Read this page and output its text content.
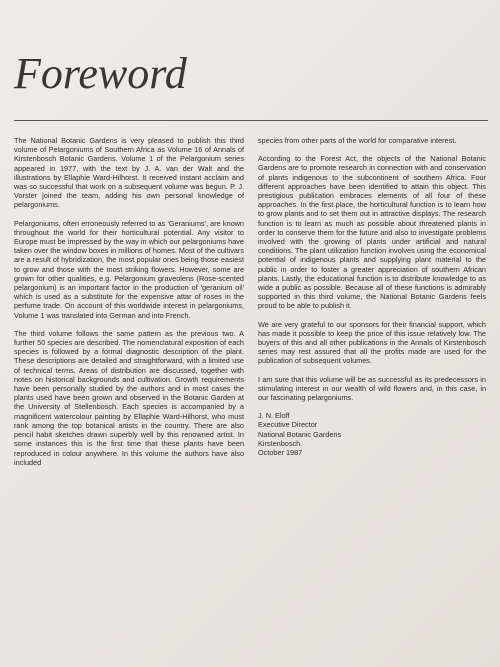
Foreword

The National Botanic Gardens is very pleased to publish this third volume of Pelargoniums of Southern Africa as Volume 16 of Annals of Kirstenbosch Botanic Gardens. Volume 1 of the Pelargonium series appeared in 1977, with the text by J. A. van der Walt and the illustrations by Ellaphie Ward-Hilhorst. It received instant acclaim and was so successful that work on a subsequent volume was begun. P. J. Vorster joined the team, adding his own personal knowledge of pelargoniums.

Pelargoniums, often erroneously referred to as 'Geraniums', are known throughout the world for their horticultural potential. Any visitor to Europe must be impressed by the way in which our pelargoniums have taken over the window boxes in millions of homes. Most of the cultivars are a result of hybridization, the most popular ones being those easiest to grow and those with the most striking flowers. However, some are grown for other qualities, e.g. Pelargonium graveolens (Rose-scented pelargonium) is an important factor in the production of 'geranium oil' which is used as a substitute for the expensive attar of roses in the perfume trade. On account of this worldwide interest in pelargoniums, Volume 1 was translated into German and into French.

The third volume follows the same pattern as the previous two. A further 50 species are described. The nomenclatural exposition of each species is followed by a formal diagnostic description of the plant. These descriptions are detailed and straightforward, with a limited use of technical terms. Areas of distribution are discussed, together with notes on historical backgrounds and cultivation. Growth requirements have been personally studied by the authors and in most cases the plants used have been grown and observed in the Botanic Garden at the University of Stellenbosch. Each species is accompanied by a magnificent watercolour painting by Ellaphie Ward-Hilhorst, who must rank among the top botanical artists in the country. There are also pencil habit sketches drawn superbly well by this renowned artist. In some instances this is the first time that these plants have been reproduced in colour anywhere. In this volume the authors have also included

species from other parts of the world for comparative interest.

According to the Forest Act, the objects of the National Botanic Gardens are to promote research in connection with and conservation of plants indigenous to the subcontinent of southern Africa. Four different approaches have been identified to attain this object. This prestigious publication embraces elements of all four of these approaches. In the first place, the horticultural function is to learn how to grow plants and to set them out in attractive displays. The research function is to learn as much as possible about threatened plants in order to conserve them for the future and also to investigate problems involved with the growing of plants under artificial and natural conditions. The plant utilization function involves using the economical potential of indigenous plants and supplying plant material to the public in order to foster a greater appreciation of southern African plants. Lastly, the educational function is to distribute knowledge to as wide a public as possible. Because all of these functions is admirably supported in this third volume, the National Botanic Gardens feels proud to be able to publish it.

We are very grateful to our sponsors for their financial support, which has made it possible to keep the price of this issue relatively low. The buyers of this and all other publications in the Annals of Kirstenbosch series may rest assured that all the profits made are used for the publication of subsequent volumes.

I am sure that this volume will be as successful as its predecessors in stimulating interest in our wealth of wild flowers and, in this case, in our fascinating pelargoniums.

J. N. Eloff
Executive Director
National Botanic Gardens
Kirstenbosch.
October 1987
